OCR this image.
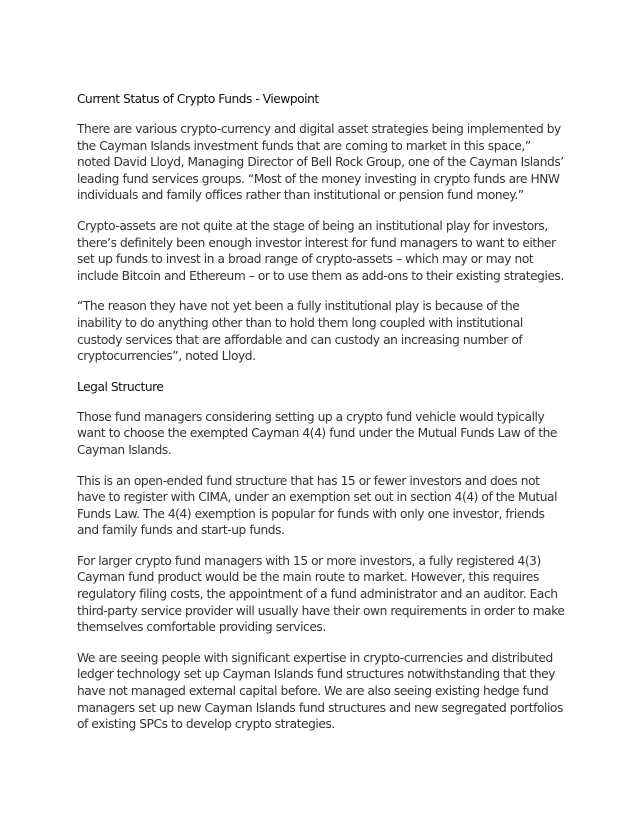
Current Status of Crypto Funds - Viewpoint

There are various crypto-currency and digital asset strategies being implemented by the Cayman Islands investment funds that are coming to market in this space,” noted David Lloyd, Managing Director of Bell Rock Group, one of the Cayman Islands’ leading fund services groups. “Most of the money investing in crypto funds are HNW individuals and family offices rather than institutional or pension fund money.”

Crypto-assets are not quite at the stage of being an institutional play for investors, there’s definitely been enough investor interest for fund managers to want to either set up funds to invest in a broad range of crypto-assets – which may or may not include Bitcoin and Ethereum – or to use them as add-ons to their existing strategies.

“The reason they have not yet been a fully institutional play is because of the inability to do anything other than to hold them long coupled with institutional custody services that are affordable and can custody an increasing number of cryptocurrencies”, noted Lloyd.

Legal Structure

Those fund managers considering setting up a crypto fund vehicle would typically want to choose the exempted Cayman 4(4) fund under the Mutual Funds Law of the Cayman Islands.

This is an open-ended fund structure that has 15 or fewer investors and does not have to register with CIMA, under an exemption set out in section 4(4) of the Mutual Funds Law. The 4(4) exemption is popular for funds with only one investor, friends and family funds and start-up funds.

For larger crypto fund managers with 15 or more investors, a fully registered 4(3) Cayman fund product would be the main route to market. However, this requires regulatory filing costs, the appointment of a fund administrator and an auditor. Each third-party service provider will usually have their own requirements in order to make themselves comfortable providing services.

We are seeing people with significant expertise in crypto-currencies and distributed ledger technology set up Cayman Islands fund structures notwithstanding that they have not managed external capital before. We are also seeing existing hedge fund managers set up new Cayman Islands fund structures and new segregated portfolios of existing SPCs to develop crypto strategies.
